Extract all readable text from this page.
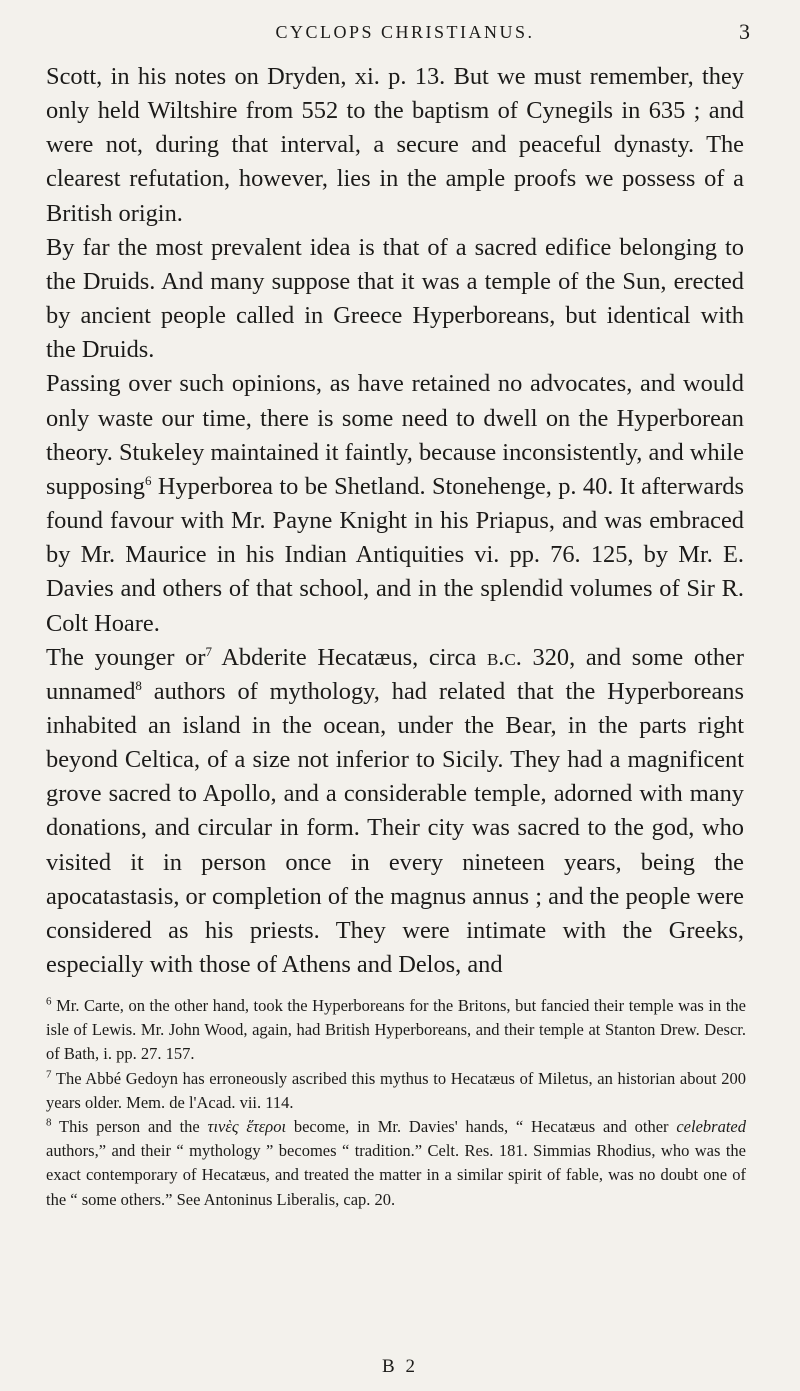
CYCLOPS CHRISTIANUS.	3

Scott, in his notes on Dryden, xi. p. 13. But we must remember, they only held Wiltshire from 552 to the baptism of Cynegils in 635 ; and were not, during that interval, a secure and peaceful dynasty. The clearest refutation, however, lies in the ample proofs we possess of a British origin.

By far the most prevalent idea is that of a sacred edifice belonging to the Druids. And many suppose that it was a temple of the Sun, erected by ancient people called in Greece Hyperboreans, but identical with the Druids.

Passing over such opinions, as have retained no advocates, and would only waste our time, there is some need to dwell on the Hyperborean theory. Stukeley maintained it faintly, because inconsistently, and while supposing$^6$ Hyperborea to be Shetland. Stonehenge, p. 40. It afterwards found favour with Mr. Payne Knight in his Priapus, and was embraced by Mr. Maurice in his Indian Antiquities vi. pp. 76. 125, by Mr. E. Davies and others of that school, and in the splendid volumes of Sir R. Colt Hoare.

The younger or$^7$ Abderite Hecatæus, circa b.c. 320, and some other unnamed$^8$ authors of mythology, had related that the Hyperboreans inhabited an island in the ocean, under the Bear, in the parts right beyond Celtica, of a size not inferior to Sicily. They had a magnificent grove sacred to Apollo, and a considerable temple, adorned with many donations, and circular in form. Their city was sacred to the god, who visited it in person once in every nineteen years, being the apocatastasis, or completion of the magnus annus ; and the people were considered as his priests. They were intimate with the Greeks, especially with those of Athens and Delos, and

$^6$ Mr. Carte, on the other hand, took the Hyperboreans for the Britons, but fancied their temple was in the isle of Lewis. Mr. John Wood, again, had British Hyperboreans, and their temple at Stanton Drew. Descr. of Bath, i. pp. 27. 157.

$^7$ The Abbé Gedoyn has erroneously ascribed this mythus to Hecatæus of Miletus, an historian about 200 years older. Mem. de l'Acad. vii. 114.

$^8$ This person and the τινὲς ἕτεροι become, in Mr. Davies' hands, “ Hecatæus and other celebrated authors,” and their “ mythology ” becomes “ tradition.” Celt. Res. 181. Simmias Rhodius, who was the exact contemporary of Hecatæus, and treated the matter in a similar spirit of fable, was no doubt one of the “ some others.” See Antoninus Liberalis, cap. 20.

B 2
